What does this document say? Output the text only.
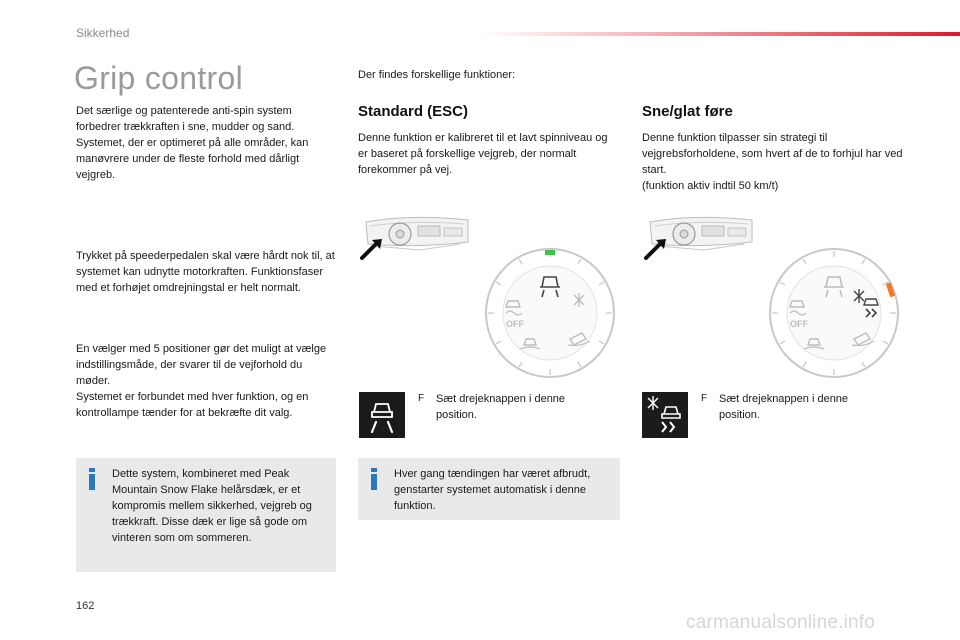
Sikkerhed
Grip control

Det særlige og patenterede anti-spin system forbedrer trækkraften i sne, mudder og sand. Systemet, der er optimeret på alle områder, kan manøvrere under de fleste forhold med dårligt vejgreb.

Trykket på speederpedalen skal være hårdt nok til, at systemet kan udnytte motorkraften. Funktionsfaser med et forhøjet omdrejningstal er helt normalt.

En vælger med 5 positioner gør det muligt at vælge indstillingsmåde, der svarer til de vejforhold du møder.

Systemet er forbundet med hver funktion, og en kontrollampe tænder for at bekræfte dit valg.

Dette system, kombineret med Peak Mountain Snow Flake helårsdæk, er et kompromis mellem sikkerhed, vejgreb og trækkraft. Disse dæk er lige så gode om vinteren som om sommeren.

Der findes forskellige funktioner:

Standard (ESC)

Denne funktion er kalibreret til et lavt spinniveau og er baseret på forskellige vejgreb, der normalt forekommer på vej.

OFF
F	Sæt drejeknappen i denne position.

Hver gang tændingen har været afbrudt, genstarter systemet automatisk i denne funktion.

Sne/glat føre

Denne funktion tilpasser sin strategi til vejgrebsforholdene, som hvert af de to forhjul har ved start.

(funktion aktiv indtil 50 km/t)

OFF
F	Sæt drejeknappen i denne position.
162
carmanualsonline.info
